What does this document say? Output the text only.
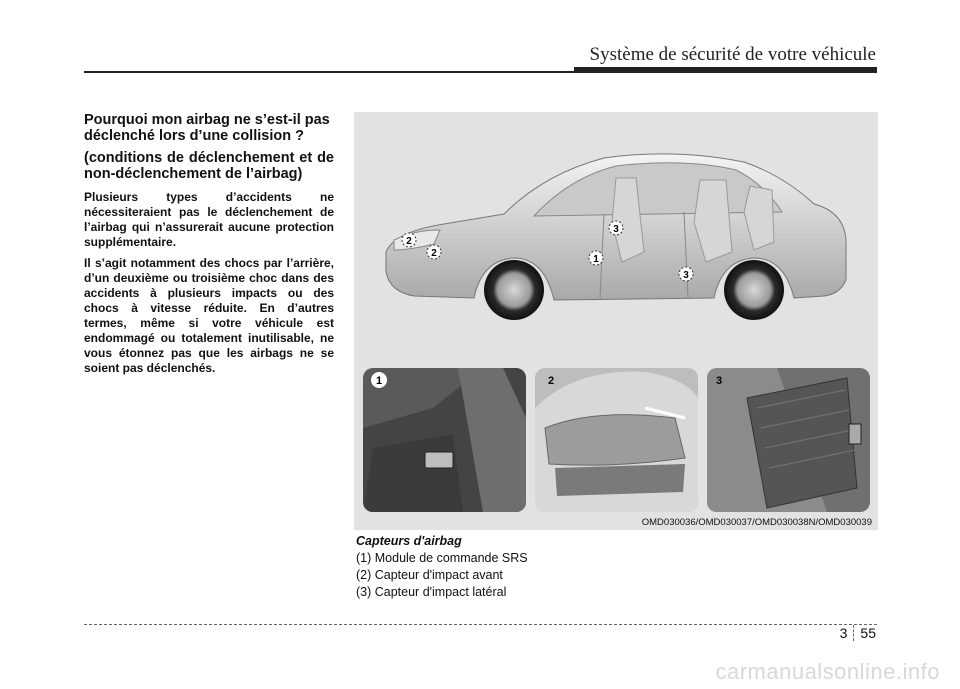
Système de sécurité de votre véhicule
Pourquoi mon airbag ne s’est-il pas déclenché lors d’une collision ?
(conditions de déclenchement et de non-déclenchement de l’airbag)

Plusieurs types d’accidents ne nécessiteraient pas le déclenchement de l’airbag qui n’assurerait aucune protection supplémentaire.

Il s’agit notamment des chocs par l’arrière, d’un deuxième ou troisième choc dans des accidents à plusieurs impacts ou des chocs à vitesse réduite. En d’autres termes, même si votre véhicule est endommagé ou totalement inutilisable, ne vous étonnez pas que les airbags ne se soient pas déclenchés.

2
2
1
3
3
1	2	3
OMD030036/OMD030037/OMD030038N/OMD030039
Capteurs d'airbag
(1) Module de commande SRS
(2) Capteur d'impact avant
(3) Capteur d'impact latéral
3 55
carmanualsonline.info
